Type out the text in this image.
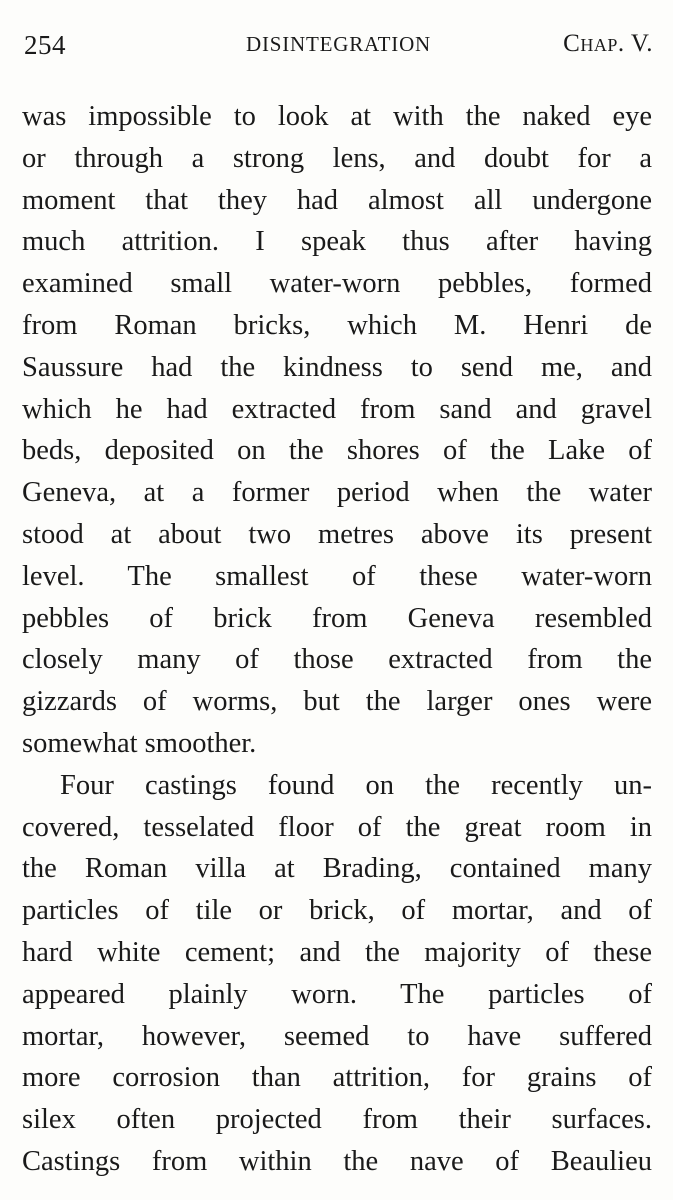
254	DISINTEGRATION	Chap. V.
was impossible to look at with the naked eye
or through a strong lens, and doubt for a
moment that they had almost all undergone
much attrition. I speak thus after having
examined small water-worn pebbles, formed
from Roman bricks, which M. Henri de
Saussure had the kindness to send me, and
which he had extracted from sand and gravel
beds, deposited on the shores of the Lake of
Geneva, at a former period when the water
stood at about two metres above its present
level. The smallest of these water-worn
pebbles of brick from Geneva resembled
closely many of those extracted from the
gizzards of worms, but the larger ones were
somewhat smoother.
Four castings found on the recently un-
covered, tesselated floor of the great room in
the Roman villa at Brading, contained many
particles of tile or brick, of mortar, and of
hard white cement; and the majority of these
appeared plainly worn. The particles of
mortar, however, seemed to have suffered
more corrosion than attrition, for grains of
silex often projected from their surfaces.
Castings from within the nave of Beaulieu
